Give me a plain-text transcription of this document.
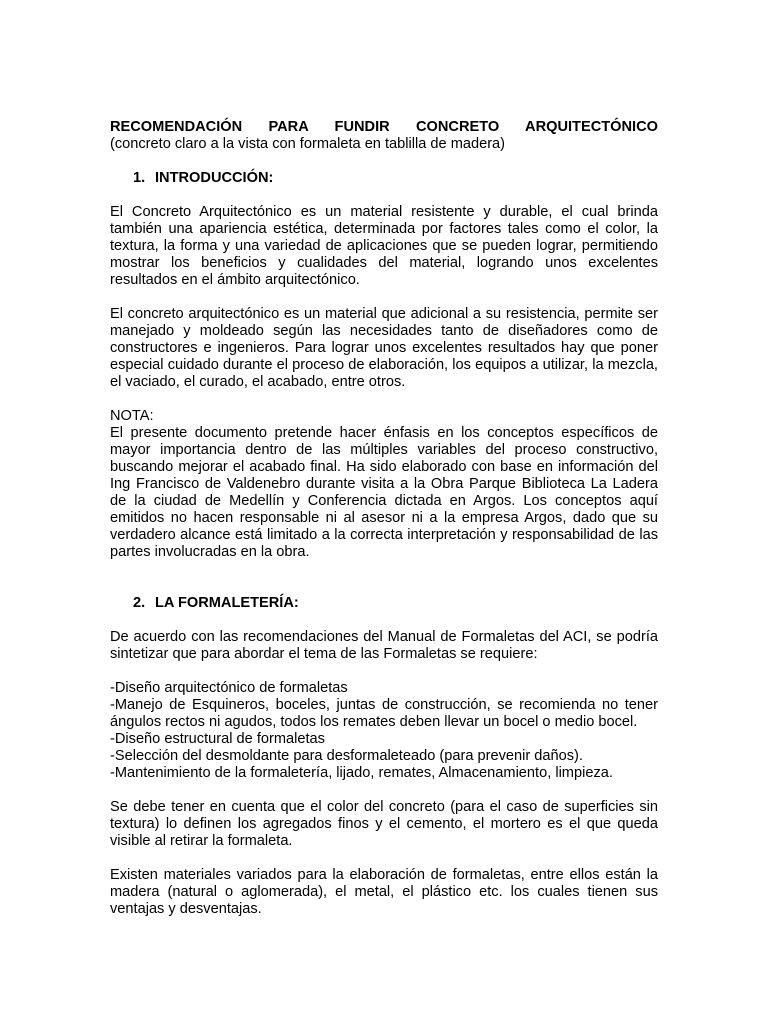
RECOMENDACIÓN PARA FUNDIR CONCRETO ARQUITECTÓNICO
(concreto claro a la vista con formaleta en tablilla de madera)
1. INTRODUCCIÓN:

El Concreto Arquitectónico es un material resistente y durable, el cual brinda también una apariencia estética, determinada por factores tales como el color, la textura, la forma y una variedad de aplicaciones que se pueden lograr, permitiendo mostrar los beneficios y cualidades del material, logrando unos excelentes resultados en el ámbito arquitectónico.

El concreto arquitectónico es un material que adicional a su resistencia, permite ser manejado y moldeado según las necesidades tanto de diseñadores como de constructores e ingenieros. Para lograr unos excelentes resultados hay que poner especial cuidado durante el proceso de elaboración, los equipos a utilizar, la mezcla, el vaciado, el curado, el acabado, entre otros.

NOTA:

El presente documento pretende hacer énfasis en los conceptos específicos de mayor importancia dentro de las múltiples variables del proceso constructivo, buscando mejorar el acabado final. Ha sido elaborado con base en información del Ing Francisco de Valdenebro durante visita a la Obra Parque Biblioteca La Ladera de la ciudad de Medellín y Conferencia dictada en Argos. Los conceptos aquí emitidos no hacen responsable ni al asesor ni a la empresa Argos, dado que su verdadero alcance está limitado a la correcta interpretación y responsabilidad de las partes involucradas en la obra.

2. LA FORMALETERÍA:

De acuerdo con las recomendaciones del Manual de Formaletas del ACI, se podría sintetizar que para abordar el tema de las Formaletas se requiere:

-Diseño arquitectónico de formaletas
-Manejo de Esquineros, boceles, juntas de construcción, se recomienda no tener ángulos rectos ni agudos, todos los remates deben llevar un bocel o medio bocel.
-Diseño estructural de formaletas
-Selección del desmoldante para desformaleteado (para prevenir daños).
-Mantenimiento de la formaletería, lijado, remates, Almacenamiento, limpieza.

Se debe tener en cuenta que el color del concreto (para el caso de superficies sin textura) lo definen los agregados finos y el cemento, el mortero es el que queda visible al retirar la formaleta.

Existen materiales variados para la elaboración de formaletas, entre ellos están la madera (natural o aglomerada), el metal, el plástico etc. los cuales tienen sus ventajas y desventajas.
